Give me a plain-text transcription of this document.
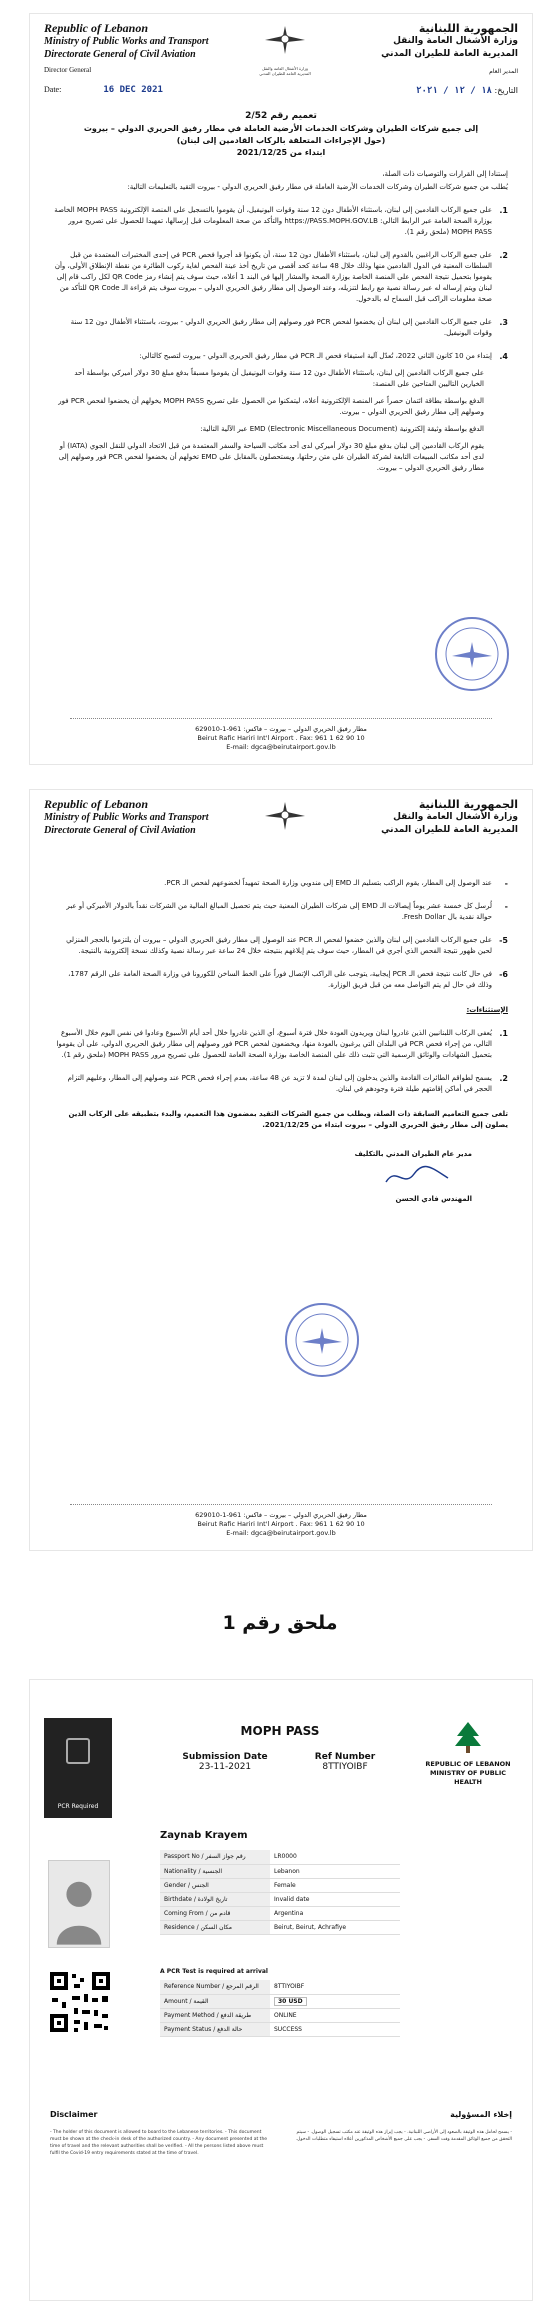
Republic of Lebanon
Ministry of Public Works and Transport
Directorate General of Civil Aviation
Director General
Date:	16 DEC 2021
وزارة الأشغال العامة والنقل
المديرية العامة للطيران المدني
الجمهورية اللبنانية
وزارة الأشغال العامة والنقل
المديرية العامة للطيران المدني
المدير العام
التاريخ: ١٨ / ١٢ / ٢٠٢١
تعميم رقم 2/52
إلى جميع شركات الطيران وشركات الخدمات الأرضية العاملة في مطار رفيق الحريري الدولي – بيروت
(حول الإجراءات المتعلقة بالركاب القادمين إلى لبنان)
ابتداء من 2021/12/25

إستنادا إلى القرارات والتوصيات ذات الصلة،

يُطلب من جميع شركات الطيران وشركات الخدمات الأرضية العاملة في مطار رفيق الحريري الدولي - بيروت التقيد بالتعليمات التالية:

1.
على جميع الركاب القادمين إلى لبنان، باستثناء الأطفال دون 12 سنة وقوات اليونيفيل، أن يقوموا بالتسجيل على المنصة الإلكترونية MOPH PASS الخاصة بوزارة الصحة العامة عبر الرابط التالي: https://PASS.MOPH.GOV.LB والتأكد من صحة المعلومات قبل إرسالها، تمهيدا للحصول على تصريح مرور MOPH PASS (ملحق رقم 1).
2.
على جميع الركاب الراغبين بالقدوم إلى لبنان، باستثناء الأطفال دون 12 سنة، أن يكونوا قد أجروا فحص PCR في إحدى المختبرات المعتمدة من قبل السلطات المعنية في الدول القادمين منها وذلك خلال 48 ساعة كحد أقصى من تاريخ أخذ عينة الفحص لغاية ركوب الطائرة من نقطة الإنطلاق الأولى، وأن يقوموا بتحميل نتيجة الفحص على المنصة الخاصة بوزارة الصحة والمشار إليها في البند 1 أعلاه، حيث سوف يتم إنشاء رمز QR Code لكل راكب قام إلى لبنان ويتم إرساله له عبر رسالة نصية مع رابط لتنزيله، وعند الوصول إلى مطار رفيق الحريري الدولي – بيروت سوف يتم قراءة الـ QR Code للتأكد من صحة معلومات الراكب قبل السماح له بالدخول.
3.
على جميع الركاب القادمين إلى لبنان أن يخضعوا لفحص PCR فور وصولهم إلى مطار رفيق الحريري الدولي - بيروت، باستثناء الأطفال دون 12 سنة وقوات اليونيفيل.
4.
إبتداء من 10 كانون الثاني 2022، تُعدّل آلية استيفاء فحص الـ PCR في مطار رفيق الحريري الدولي - بيروت لتصبح كالتالي:
على جميع الركاب القادمين إلى لبنان، باستثناء الأطفال دون 12 سنة وقوات اليونيفيل أن يقوموا مسبقاً بدفع مبلغ 30 دولار أميركي بواسطة أحد الخيارين التاليين المتاحين على المنصة:
الدفع بواسطة بطاقة ائتمان حصراً عبر المنصة الإلكترونية أعلاه، ليتمكنوا من الحصول على تصريح MOPH PASS يخولهم أن يخضعوا لفحص PCR فور وصولهم إلى مطار رفيق الحريري الدولي – بيروت.
الدفع بواسطة وثيقة إلكترونية EMD (Electronic Miscellaneous Document) عبر الآلية التالية:
يقوم الركاب القادمين إلى لبنان بدفع مبلغ 30 دولار أميركي لدى أحد مكاتب السياحة والسفر المعتمدة من قبل الاتحاد الدولي للنقل الجوي (IATA) أو لدى أحد مكاتب المبيعات التابعة لشركة الطيران على متن رحلتها، ويستحصلون بالمقابل على EMD تخولهم أن يخضعوا لفحص PCR فور وصولهم إلى مطار رفيق الحريري الدولي – بيروت.
مطار رفيق الحريري الدولي – بيروت – فاكس: 961-1-629010
Beirut Rafic Hariri Int'l Airport . Fax: 961 1 62 90 10
E-mail: dgca@beirutairport.gov.lb
Republic of Lebanon
Ministry of Public Works and Transport
Directorate General of Civil Aviation
الجمهورية اللبنانية
وزارة الأشغال العامة والنقل
المديرية العامة للطيران المدني
-
عند الوصول إلى المطار، يقوم الراكب بتسليم الـ EMD إلى مندوبي وزارة الصحة تمهيداً لخضوعهم لفحص الـ PCR.
-
لُرسل كل خمسة عشر يوماً إيصالات الـ EMD إلى شركات الطيران المعنية حيث يتم تحصيل المبالغ المالية من الشركات نقداً بالدولار الأميركي أو عبر حوالة نقدية بال Fresh Dollar.
5-
على جميع الركاب القادمين إلى لبنان والذين خضعوا لفحص الـ PCR عند الوصول إلى مطار رفيق الحريري الدولي – بيروت أن يلتزموا بالحجر المنزلي لحين ظهور نتيجة الفحص الذي أجري في المطار، حيث سوف يتم إبلاغهم بنتيجته خلال 24 ساعة عبر رسالة نصية وكذلك نسخة إلكترونية بالنتيجة.
6-
في حال كانت نتيجة فحص الـ PCR إيجابية، يتوجب على الراكب الإتصال فوراً على الخط الساخن للكورونا في وزارة الصحة العامة على الرقم 1787، وذلك في حال لم يتم التواصل معه من قبل فريق الوزارة.

الإستثناءات:

1.
يُعفى الركاب اللبنانيين الذين غادروا لبنان ويريدون العودة خلال فترة أسبوع، أي الذين غادروا خلال أحد أيام الأسبوع وعادوا في نفس اليوم خلال الأسبوع التالي، من إجراء فحص PCR في البلدان التي يرغبون بالعودة منها، ويخضعون لفحص PCR فور وصولهم إلى مطار رفيق الحريري الدولي، على أن يقوموا بتحميل الشهادات والوثائق الرسمية التي تثبت ذلك على المنصة الخاصة بوزارة الصحة العامة للحصول على تصريح مرور MOPH PASS (ملحق رقم 1).
2.
يسمح لطواقم الطائرات القادمة والذين يدخلون إلى لبنان لمدة لا تزيد عن 48 ساعة، بعدم إجراء فحص PCR عند وصولهم إلى المطار، وعليهم التزام الحجر في أماكن إقامتهم طيلة فترة وجودهم في لبنان.

تلغى جميع التعاميم السابقة ذات الصلة، ويطلب من جميع الشركات التقيد بمضمون هذا التعميم، والبدء بتطبيقه على الركاب الذين يصلون إلى مطار رفيق الحريري الدولي – بيروت ابتداء من 2021/12/25.

مدير عام الطيران المدني بالتكليف
المهندس فادي الحسن
مطار رفيق الحريري الدولي – بيروت – فاكس: 961-1-629010
Beirut Rafic Hariri Int'l Airport . Fax: 961 1 62 90 10
E-mail: dgca@beirutairport.gov.lb
ملحق رقم 1
PCR Required
MOPH PASS
Submission Date
23-11-2021
Ref Number
8TTIYOIBF	REPUBLIC OF LEBANON
MINISTRY OF PUBLIC HEALTH
Zaynab Krayem
Passport No / رقم جواز السفر	LR0000
Nationality / الجنسية	Lebanon
Gender / الجنس	Female
Birthdate / تاريخ الولادة	Invalid date
Coming From / قادم من	Argentina
Residence / مكان السكن	Beirut, Beirut, Achrafiye
A PCR Test is required at arrival
Reference Number / الرقم المرجع	8TTIYOIBF
Amount / القيمة	30 USD
Payment Method / طريقة الدفع	ONLINE
Payment Status / حالة الدفع	SUCCESS
Disclaimer	إخلاء المسؤولية
- The holder of this document is allowed to board to the Lebanese territories. - This document must be shown at the check-in desk of the authorized country. - Any document presented at the time of travel and the relevant authorities shall be verified. - All the persons listed above must fulfil the Covid-19 entry requirements stated at the time of travel.
- يسمح لحامل هذه الوثيقة بالصعود إلى الأراضي اللبنانية. - يجب إبراز هذه الوثيقة عند مكتب تسجيل الوصول. - سيتم التحقق من جميع الوثائق المقدمة وقت السفر. - يجب على جميع الأشخاص المذكورين أعلاه استيفاء متطلبات الدخول.
